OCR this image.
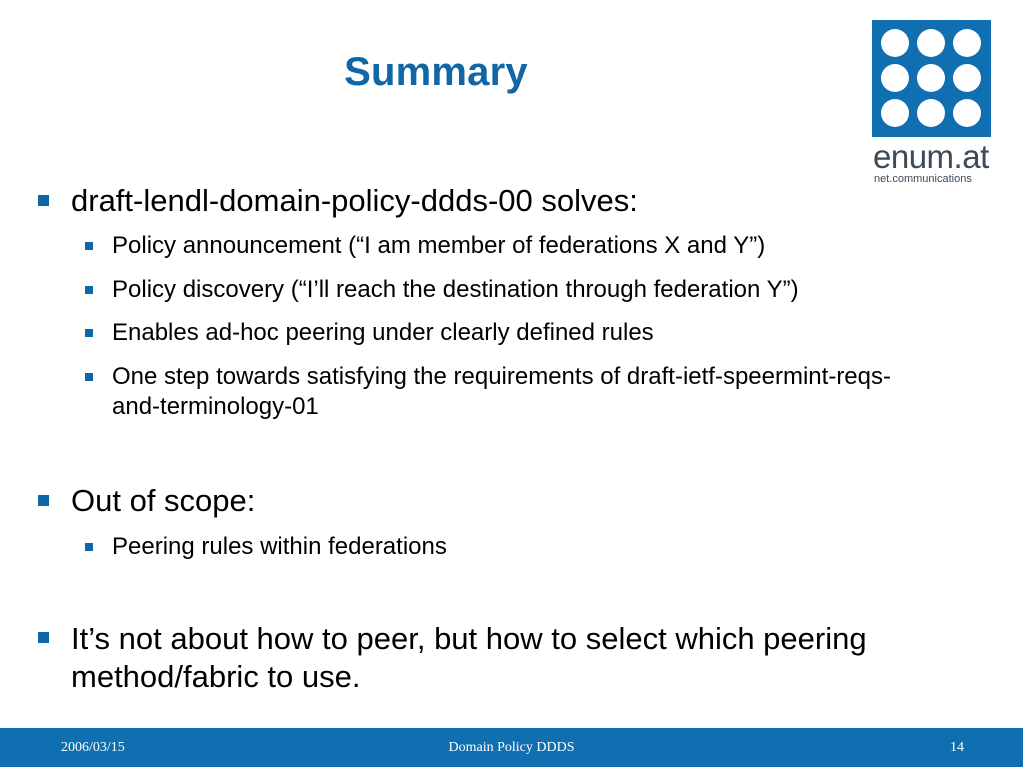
Summary
enum.at
net.communications
draft-lendl-domain-policy-ddds-00 solves:
Policy announcement (“I am member of federations X and Y”)
Policy discovery (“I’ll reach the destination through federation Y”)
Enables ad-hoc peering under clearly defined rules
One step towards satisfying the requirements of draft-ietf-speermint-reqs-and-terminology-01
Out of scope:
Peering rules within federations
It’s not about how to peer, but how to select which peering method/fabric to use.
2006/03/15	Domain Policy DDDS	14
